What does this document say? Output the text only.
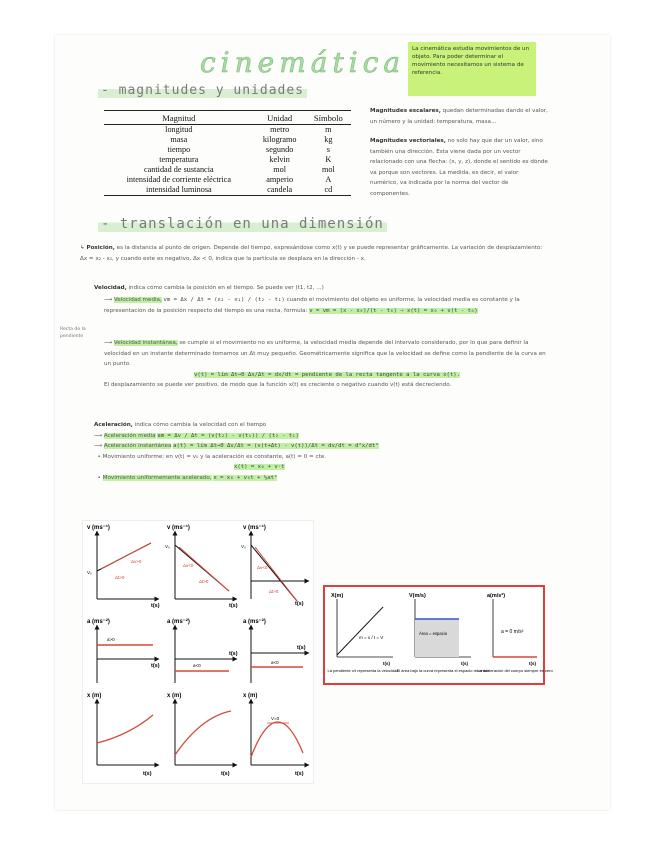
cinemática	La cinemática estudia movimientos de un objeto. Para poder determinar el movimiento necesitamos un sistema de referencia.
- magnitudes y unidades
Magnitud	Unidad	Símbolo
longitud	metro	m
masa	kilogramo	kg
tiempo	segundo	s
temperatura	kelvin	K
cantidad de sustancia	mol	mol
intensidad de corriente eléctrica	amperio	A
intensidad luminosa	candela	cd
Magnitudes escalares, quedan determinadas dando el valor, un número y la unidad: temperatura, masa...
Magnitudes vectoriales, no solo hay que dar un valor, sino también una dirección. Esta viene dada por un vector relacionado con una flecha: (x, y, z), donde el sentido es dónde va porque son vectores. La medida, es decir, el valor numérico, va indicada por la norma del vector de componentes.
- translación en una dimensión
↳ Posición, es la distancia al punto de origen. Depende del tiempo, expresándose como x(t) y se puede representar gráficamente. La variación de desplazamiento: Δx = x₂ - x₁, y cuando este es negativo, Δx < 0, indica que la partícula se desplaza en la dirección - x.
Velocidad, indica cómo cambia la posición en el tiempo. Se puede ver (t1, t2, ...)
Recta de la pendiente
⟶ Velocidad media, vm = Δx / Δt = (x₂ - x₁) / (t₂ - t₁) cuando el movimiento del objeto es uniforme, la velocidad media es constante y la representación de la posición respecto del tiempo es una recta, formula: v = vm = (x - x₀)/(t - t₀) ⇒ x(t) = x₀ + v(t - t₀)
⟶ Velocidad instantánea, se cumple si el movimiento no es uniforme, la velocidad media depende del intervalo considerado, por lo que para definir la velocidad en un instante determinado tomamos un Δt muy pequeño. Geométricamente significa que la velocidad se define como la pendiente de la curva en un punto.
v(t) = lím Δt→0 Δx/Δt = dx/dt = pendiente de la recta tangente a la curva x(t).
El desplazamiento se puede ver positivo, de modo que la función x(t) es creciente o negativo cuando v(t) está decreciendo.
Aceleración, indica cómo cambia la velocidad con el tiempo
⟶ Aceleración media am = Δv / Δt = (v(t₂) - v(t₁)) / (t₂ - t₁)
⟶ Aceleración instantánea a(t) = lím Δt→0 Δv/Δt = (v(t+Δt) - v(t))/Δt = dv/dt = d²x/dt²
• Movimiento uniforme: en v(t) = v₀ y la aceleración es constante, a(t) = 0 = cte.
x(t) = x₀ + v·t
• Movimiento uniformemente acelerado, x = x₀ + v₀t + ½at²
v (ms⁻¹)
t(s)
V₀
Δv>0
Δt>0
v (ms⁻¹)
t(s)
V₀
Δv<0
Δt>0
v (ms⁻¹)
t(s)
V₀
Δv<0
Δt>0
a (ms⁻²)
a>0
t(s)
a (ms⁻²)
a<0
t(s)
a (ms⁻²)
a<0
t(s)
x (m)
t(s)
x (m)
t(s)
x (m)
V=0
t(s)
X(m)
m = x / t = V
t(s)
La pendiente x/t representa la velocidad
V(m/s)
Área = espacio
t(s)
El área bajo la curva representa el espacio recorrido
a(m/s²)
a = 0 m/s²
t(s)
La aceleración del cuerpo siempre es cero
